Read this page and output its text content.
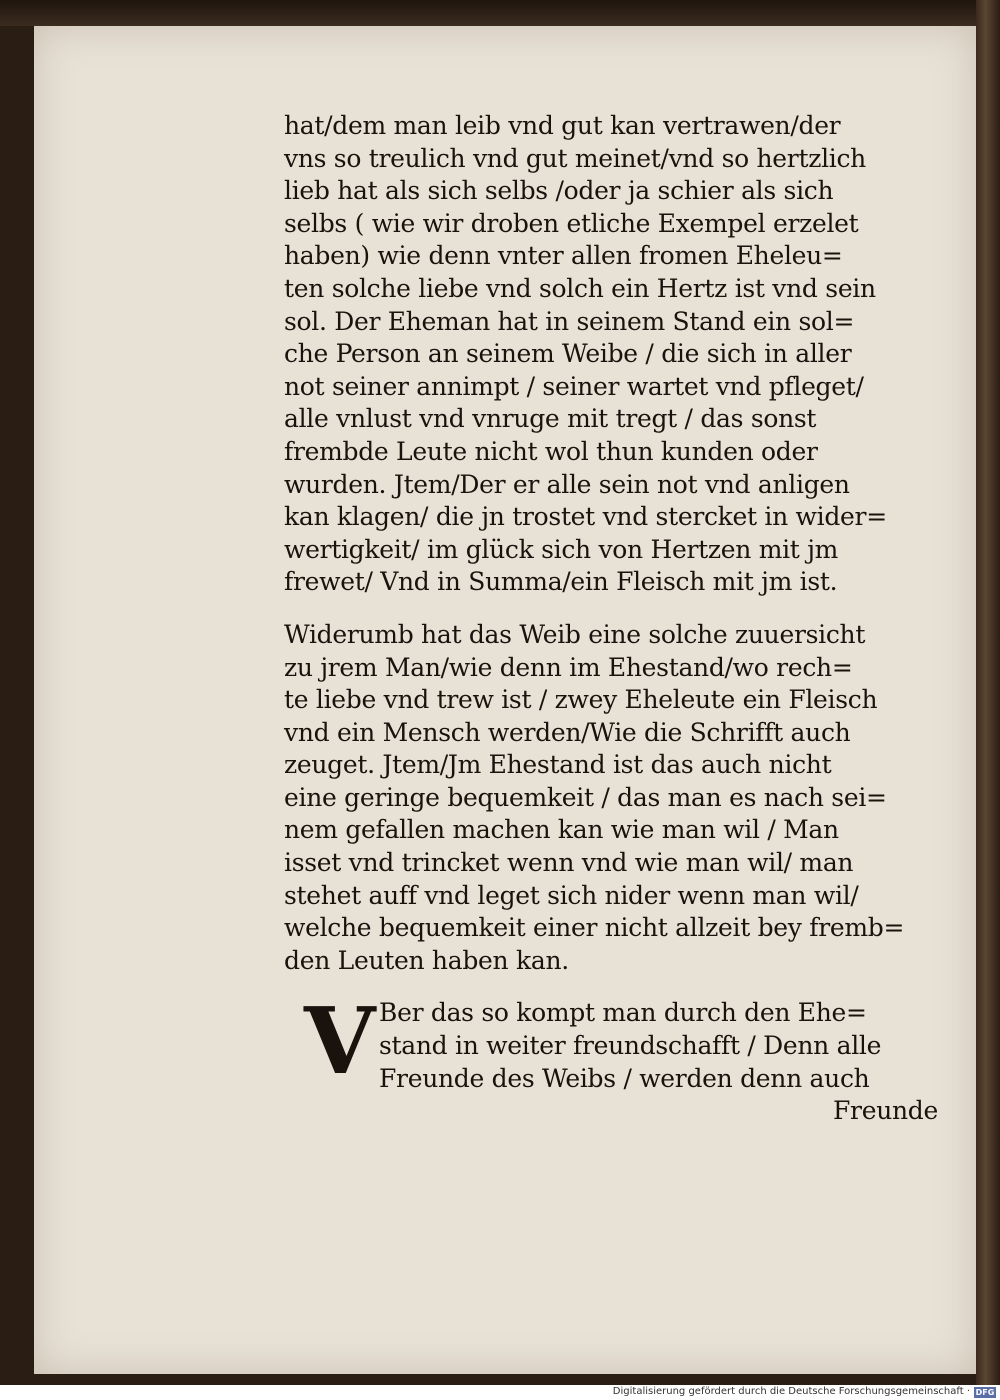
hat/dem man leib vnd gut kan vertrawen/der
vns so treulich vnd gut meinet/vnd so hertzlich
lieb hat als sich selbs /oder ja schier als sich
selbs ( wie wir droben etliche Exempel erzelet
haben) wie denn vnter allen fromen Eheleu=
ten solche liebe vnd solch ein Hertz ist vnd sein
sol. Der Eheman hat in seinem Stand ein sol=
che Person an seinem Weibe / die sich in aller
not seiner annimpt / seiner wartet vnd pfleget/
alle vnlust vnd vnruge mit tregt / das sonst
frembde Leute nicht wol thun kunden oder
wurden. Jtem/Der er alle sein not vnd anligen
kan klagen/ die jn trostet vnd stercket in wider=
wertigkeit/ im glück sich von Hertzen mit jm
frewet/ Vnd in Summa/ein Fleisch mit jm ist.
Widerumb hat das Weib eine solche zuuersicht
zu jrem Man/wie denn im Ehestand/wo rech=
te liebe vnd trew ist / zwey Eheleute ein Fleisch
vnd ein Mensch werden/Wie die Schrifft auch
zeuget. Jtem/Jm Ehestand ist das auch nicht
eine geringe bequemkeit / das man es nach sei=
nem gefallen machen kan wie man wil / Man
isset vnd trincket wenn vnd wie man wil/ man
stehet auff vnd leget sich nider wenn man wil/
welche bequemkeit einer nicht allzeit bey fremb=
den Leuten haben kan.
V Ber das so kompt man durch den Ehe=
stand in weiter freundschafft / Denn alle
Freunde des Weibs / werden denn auch
Freunde
Digitalisierung gefördert durch die Deutsche Forschungsgemeinschaft · DFG
